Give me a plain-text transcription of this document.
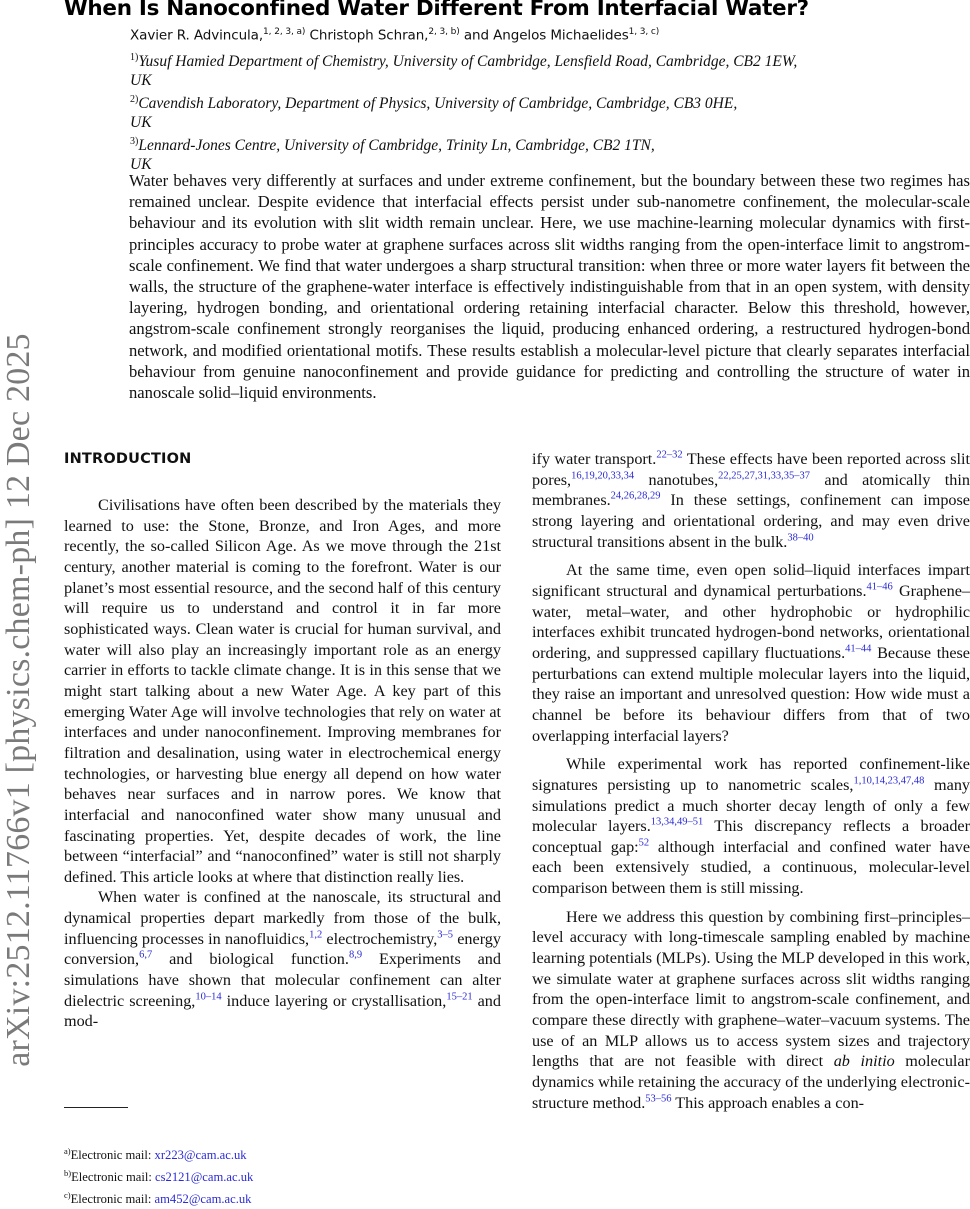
arXiv:2512.11766v1 [physics.chem-ph] 12 Dec 2025
When Is Nanoconfined Water Different From Interfacial Water?
Xavier R. Advincula,$^{1, 2, 3, a)}$ Christoph Schran,$^{2, 3, b)}$ and Angelos Michaelides$^{1, 3, c)}$
$^{1)}$Yusuf Hamied Department of Chemistry, University of Cambridge, Lensfield Road, Cambridge, CB2 1EW,
UK
$^{2)}$Cavendish Laboratory, Department of Physics, University of Cambridge, Cambridge, CB3 0HE,
UK
$^{3)}$Lennard-Jones Centre, University of Cambridge, Trinity Ln, Cambridge, CB2 1TN,
UK
Water behaves very differently at surfaces and under extreme confinement, but the boundary between these two regimes has remained unclear. Despite evidence that interfacial effects persist under sub-nanometre confinement, the molecular-scale behaviour and its evolution with slit width remain unclear. Here, we use machine-learning molecular dynamics with first-principles accuracy to probe water at graphene surfaces across slit widths ranging from the open-interface limit to angstrom-scale confinement. We find that water undergoes a sharp structural transition: when three or more water layers fit between the walls, the structure of the graphene-water interface is effectively indistinguishable from that in an open system, with density layering, hydrogen bonding, and orientational ordering retaining interfacial character. Below this threshold, however, angstrom-scale confinement strongly reorganises the liquid, producing enhanced ordering, a restructured hydrogen-bond network, and modified orientational motifs. These results establish a molecular-level picture that clearly separates interfacial behaviour from genuine nanoconfinement and provide guidance for predicting and controlling the structure of water in nanoscale solid–liquid environments.
INTRODUCTION

Civilisations have often been described by the materials they learned to use: the Stone, Bronze, and Iron Ages, and more recently, the so-called Silicon Age. As we move through the 21st century, another material is coming to the forefront. Water is our planet’s most essential resource, and the second half of this century will require us to understand and control it in far more sophisticated ways. Clean water is crucial for human survival, and water will also play an increasingly important role as an energy carrier in efforts to tackle climate change. It is in this sense that we might start talking about a new Water Age. A key part of this emerging Water Age will involve technologies that rely on water at interfaces and under nanoconfinement. Improving membranes for filtration and desalination, using water in electrochemical energy technologies, or harvesting blue energy all depend on how water behaves near surfaces and in narrow pores. We know that interfacial and nanoconfined water show many unusual and fascinating properties. Yet, despite decades of work, the line between “interfacial” and “nanoconfined” water is still not sharply defined. This article looks at where that distinction really lies.

When water is confined at the nanoscale, its structural and dynamical properties depart markedly from those of the bulk, influencing processes in nanofluidics,$^{1,2}$ electrochemistry,$^{3-5}$ energy conversion,$^{6,7}$ and biological function.$^{8,9}$ Experiments and simulations have shown that molecular confinement can alter dielectric screening,$^{10-14}$ induce layering or crystallisation,$^{15-21}$ and mod-

$^{a)}$Electronic mail: xr223@cam.ac.uk
$^{b)}$Electronic mail: cs2121@cam.ac.uk
$^{c)}$Electronic mail: am452@cam.ac.uk

ify water transport.$^{22-32}$ These effects have been reported across slit pores,$^{16,19,20,33,34}$ nanotubes,$^{22,25,27,31,33,35-37}$ and atomically thin membranes.$^{24,26,28,29}$ In these settings, confinement can impose strong layering and orientational ordering, and may even drive structural transitions absent in the bulk.$^{38-40}$

At the same time, even open solid–liquid interfaces impart significant structural and dynamical perturbations.$^{41-46}$ Graphene–water, metal–water, and other hydrophobic or hydrophilic interfaces exhibit truncated hydrogen-bond networks, orientational ordering, and suppressed capillary fluctuations.$^{41-44}$ Because these perturbations can extend multiple molecular layers into the liquid, they raise an important and unresolved question: How wide must a channel be before its behaviour differs from that of two overlapping interfacial layers?

While experimental work has reported confinement-like signatures persisting up to nanometric scales,$^{1,10,14,23,47,48}$ many simulations predict a much shorter decay length of only a few molecular layers.$^{13,34,49-51}$ This discrepancy reflects a broader conceptual gap:$^{52}$ although interfacial and confined water have each been extensively studied, a continuous, molecular-level comparison between them is still missing.

Here we address this question by combining first–principles–level accuracy with long-timescale sampling enabled by machine learning potentials (MLPs). Using the MLP developed in this work, we simulate water at graphene surfaces across slit widths ranging from the open-interface limit to angstrom-scale confinement, and compare these directly with graphene–water–vacuum systems. The use of an MLP allows us to access system sizes and trajectory lengths that are not feasible with direct ab initio molecular dynamics while retaining the accuracy of the underlying electronic-structure method.$^{53-56}$ This approach enables a con-
